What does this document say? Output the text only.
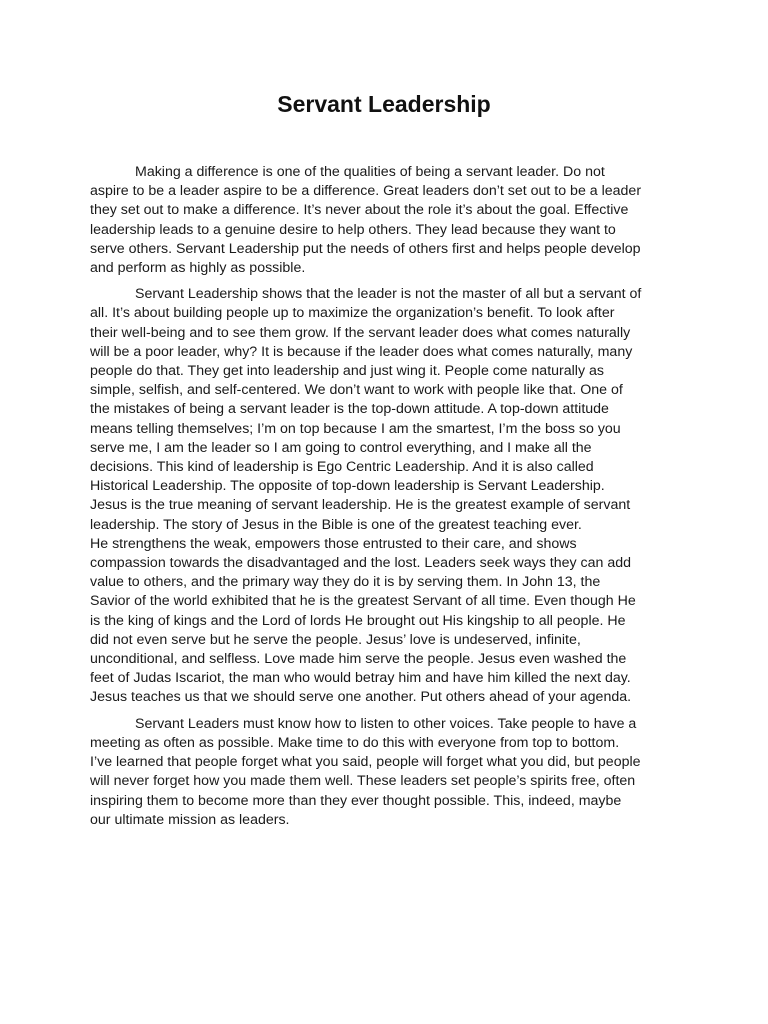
Servant Leadership
Making a difference is one of the qualities of being a servant leader. Do not
aspire to be a leader aspire to be a difference. Great leaders don’t set out to be a leader
they set out to make a difference. It’s never about the role it’s about the goal. Effective
leadership leads to a genuine desire to help others. They lead because they want to
serve others. Servant Leadership put the needs of others first and helps people develop
and perform as highly as possible.
Servant Leadership shows that the leader is not the master of all but a servant of
all. It’s about building people up to maximize the organization’s benefit. To look after
their well-being and to see them grow. If the servant leader does what comes naturally
will be a poor leader, why? It is because if the leader does what comes naturally, many
people do that. They get into leadership and just wing it. People come naturally as
simple, selfish, and self-centered. We don’t want to work with people like that. One of
the mistakes of being a servant leader is the top-down attitude. A top-down attitude
means telling themselves; I’m on top because I am the smartest, I’m the boss so you
serve me, I am the leader so I am going to control everything, and I make all the
decisions. This kind of leadership is Ego Centric Leadership. And it is also called
Historical Leadership. The opposite of top-down leadership is Servant Leadership.
Jesus is the true meaning of servant leadership. He is the greatest example of servant
leadership. The story of Jesus in the Bible is one of the greatest teaching ever.
He strengthens the weak, empowers those entrusted to their care, and shows
compassion towards the disadvantaged and the lost. Leaders seek ways they can add
value to others, and the primary way they do it is by serving them. In John 13, the
Savior of the world exhibited that he is the greatest Servant of all time. Even though He
is the king of kings and the Lord of lords He brought out His kingship to all people. He
did not even serve but he serve the people. Jesus’ love is undeserved, infinite,
unconditional, and selfless. Love made him serve the people. Jesus even washed the
feet of Judas Iscariot, the man who would betray him and have him killed the next day.
Jesus teaches us that we should serve one another. Put others ahead of your agenda.
Servant Leaders must know how to listen to other voices. Take people to have a
meeting as often as possible. Make time to do this with everyone from top to bottom.
I’ve learned that people forget what you said, people will forget what you did, but people
will never forget how you made them well. These leaders set people’s spirits free, often
inspiring them to become more than they ever thought possible. This, indeed, maybe
our ultimate mission as leaders.
